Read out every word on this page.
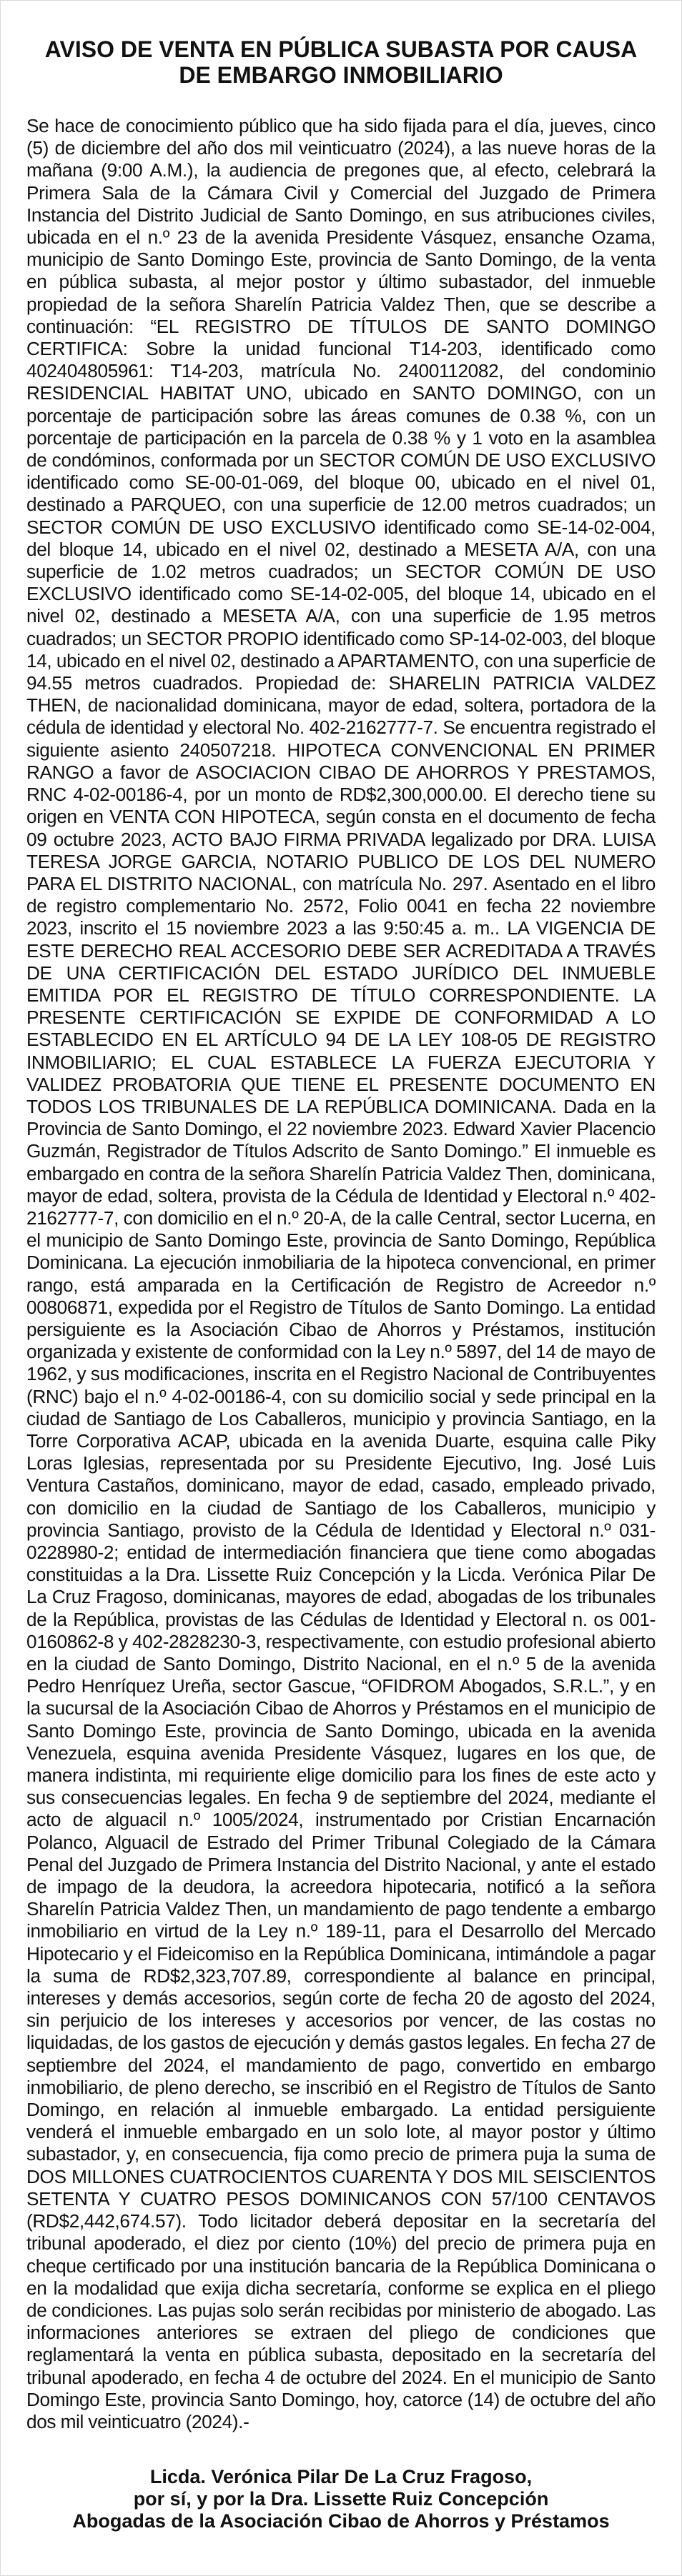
AVISO DE VENTA EN PÚBLICA SUBASTA POR CAUSA
DE EMBARGO INMOBILIARIO

Se hace de conocimiento público que ha sido fijada para el día, jueves, cinco (5) de diciembre del año dos mil veinticuatro (2024), a las nueve horas de la mañana (9:00 A.M.), la audiencia de pregones que, al efecto, celebrará la Primera Sala de la Cámara Civil y Comercial del Juzgado de Primera Instancia del Distrito Judicial de Santo Domingo, en sus atribuciones civiles, ubicada en el n.º 23 de la avenida Presidente Vásquez, ensanche Ozama, municipio de Santo Domingo Este, provincia de Santo Domingo, de la venta en pública subasta, al mejor postor y último subastador, del inmueble propiedad de la señora Sharelín Patricia Valdez Then, que se describe a continuación: “EL REGISTRO DE TÍTULOS DE SANTO DOMINGO CERTIFICA: Sobre la unidad funcional T14-203, identificado como 402404805961: T14-203, matrícula No. 2400112082, del condominio RESIDENCIAL HABITAT UNO, ubicado en SANTO DOMINGO, con un porcentaje de participación sobre las áreas comunes de 0.38 %, con un porcentaje de participación en la parcela de 0.38 % y 1 voto en la asamblea de condóminos, conformada por un SECTOR COMÚN DE USO EXCLUSIVO identificado como SE-00-01-069, del bloque 00, ubicado en el nivel 01, destinado a PARQUEO, con una superficie de 12.00 metros cuadrados; un SECTOR COMÚN DE USO EXCLUSIVO identificado como SE-14-02-004, del bloque 14, ubicado en el nivel 02, destinado a MESETA A/A, con una superficie de 1.02 metros cuadrados; un SECTOR COMÚN DE USO EXCLUSIVO identificado como SE-14-02-005, del bloque 14, ubicado en el nivel 02, destinado a MESETA A/A, con una superficie de 1.95 metros cuadrados; un SECTOR PROPIO identificado como SP-14-02-003, del bloque 14, ubicado en el nivel 02, destinado a APARTAMENTO, con una superficie de 94.55 metros cuadrados. Propiedad de: SHARELIN PATRICIA VALDEZ THEN, de nacionalidad dominicana, mayor de edad, soltera, portadora de la cédula de identidad y electoral No. 402-2162777-7. Se encuentra registrado el siguiente asiento 240507218. HIPOTECA CONVENCIONAL EN PRIMER RANGO a favor de ASOCIACION CIBAO DE AHORROS Y PRESTAMOS, RNC 4-02-00186-4, por un monto de RD$2,300,000.00. El derecho tiene su origen en VENTA CON HIPOTECA, según consta en el documento de fecha 09 octubre 2023, ACTO BAJO FIRMA PRIVADA legalizado por DRA. LUISA TERESA JORGE GARCIA, NOTARIO PUBLICO DE LOS DEL NUMERO PARA EL DISTRITO NACIONAL, con matrícula No. 297. Asentado en el libro de registro complementario No. 2572, Folio 0041 en fecha 22 noviembre 2023, inscrito el 15 noviembre 2023 a las 9:50:45 a. m.. LA VIGENCIA DE ESTE DERECHO REAL ACCESORIO DEBE SER ACREDITADA A TRAVÉS DE UNA CERTIFICACIÓN DEL ESTADO JURÍDICO DEL INMUEBLE EMITIDA POR EL REGISTRO DE TÍTULO CORRESPONDIENTE. LA PRESENTE CERTIFICACIÓN SE EXPIDE DE CONFORMIDAD A LO ESTABLECIDO EN EL ARTÍCULO 94 DE LA LEY 108-05 DE REGISTRO INMOBILIARIO; EL CUAL ESTABLECE LA FUERZA EJECUTORIA Y VALIDEZ PROBATORIA QUE TIENE EL PRESENTE DOCUMENTO EN TODOS LOS TRIBUNALES DE LA REPÚBLICA DOMINICANA. Dada en la Provincia de Santo Domingo, el 22 noviembre 2023. Edward Xavier Placencio Guzmán, Registrador de Títulos Adscrito de Santo Domingo.” El inmueble es embargado en contra de la señora Sharelín Patricia Valdez Then, dominicana, mayor de edad, soltera, provista de la Cédula de Identidad y Electoral n.º 402-2162777-7, con domicilio en el n.º 20-A, de la calle Central, sector Lucerna, en el municipio de Santo Domingo Este, provincia de Santo Domingo, República Dominicana. La ejecución inmobiliaria de la hipoteca convencional, en primer rango, está amparada en la Certificación de Registro de Acreedor n.º 00806871, expedida por el Registro de Títulos de Santo Domingo. La entidad persiguiente es la Asociación Cibao de Ahorros y Préstamos, institución organizada y existente de conformidad con la Ley n.º 5897, del 14 de mayo de 1962, y sus modificaciones, inscrita en el Registro Nacional de Contribuyentes (RNC) bajo el n.º 4-02-00186-4, con su domicilio social y sede principal en la ciudad de Santiago de Los Caballeros, municipio y provincia Santiago, en la Torre Corporativa ACAP, ubicada en la avenida Duarte, esquina calle Piky Loras Iglesias, representada por su Presidente Ejecutivo, Ing. José Luis Ventura Castaños, dominicano, mayor de edad, casado, empleado privado, con domicilio en la ciudad de Santiago de los Caballeros, municipio y provincia Santiago, provisto de la Cédula de Identidad y Electoral n.º 031-0228980-2; entidad de intermediación financiera que tiene como abogadas constituidas a la Dra. Lissette Ruiz Concepción y la Licda. Verónica Pilar De La Cruz Fragoso, dominicanas, mayores de edad, abogadas de los tribunales de la República, provistas de las Cédulas de Identidad y Electoral n. os 001-0160862-8 y 402-2828230-3, respectivamente, con estudio profesional abierto en la ciudad de Santo Domingo, Distrito Nacional, en el n.º 5 de la avenida Pedro Henríquez Ureña, sector Gascue, “OFIDROM Abogados, S.R.L.”, y en la sucursal de la Asociación Cibao de Ahorros y Préstamos en el municipio de Santo Domingo Este, provincia de Santo Domingo, ubicada en la avenida Venezuela, esquina avenida Presidente Vásquez, lugares en los que, de manera indistinta, mi requiriente elige domicilio para los fines de este acto y sus consecuencias legales. En fecha 9 de septiembre del 2024, mediante el acto de alguacil n.º 1005/2024, instrumentado por Cristian Encarnación Polanco, Alguacil de Estrado del Primer Tribunal Colegiado de la Cámara Penal del Juzgado de Primera Instancia del Distrito Nacional, y ante el estado de impago de la deudora, la acreedora hipotecaria, notificó a la señora Sharelín Patricia Valdez Then, un mandamiento de pago tendente a embargo inmobiliario en virtud de la Ley n.º 189-11, para el Desarrollo del Mercado Hipotecario y el Fideicomiso en la República Dominicana, intimándole a pagar la suma de RD$2,323,707.89, correspondiente al balance en principal, intereses y demás accesorios, según corte de fecha 20 de agosto del 2024, sin perjuicio de los intereses y accesorios por vencer, de las costas no liquidadas, de los gastos de ejecución y demás gastos legales. En fecha 27 de septiembre del 2024, el mandamiento de pago, convertido en embargo inmobiliario, de pleno derecho, se inscribió en el Registro de Títulos de Santo Domingo, en relación al inmueble embargado. La entidad persiguiente venderá el inmueble embargado en un solo lote, al mayor postor y último subastador, y, en consecuencia, fija como precio de primera puja la suma de DOS MILLONES CUATROCIENTOS CUARENTA Y DOS MIL SEISCIENTOS SETENTA Y CUATRO PESOS DOMINICANOS CON 57/100 CENTAVOS (RD$2,442,674.57). Todo licitador deberá depositar en la secretaría del tribunal apoderado, el diez por ciento (10%) del precio de primera puja en cheque certificado por una institución bancaria de la República Dominicana o en la modalidad que exija dicha secretaría, conforme se explica en el pliego de condiciones. Las pujas solo serán recibidas por ministerio de abogado. Las informaciones anteriores se extraen del pliego de condiciones que reglamentará la venta en pública subasta, depositado en la secretaría del tribunal apoderado, en fecha 4 de octubre del 2024. En el municipio de Santo Domingo Este, provincia Santo Domingo, hoy, catorce (14) de octubre del año dos mil veinticuatro (2024).-

Licda. Verónica Pilar De La Cruz Fragoso,
por sí, y por la Dra. Lissette Ruiz Concepción
Abogadas de la Asociación Cibao de Ahorros y Préstamos
